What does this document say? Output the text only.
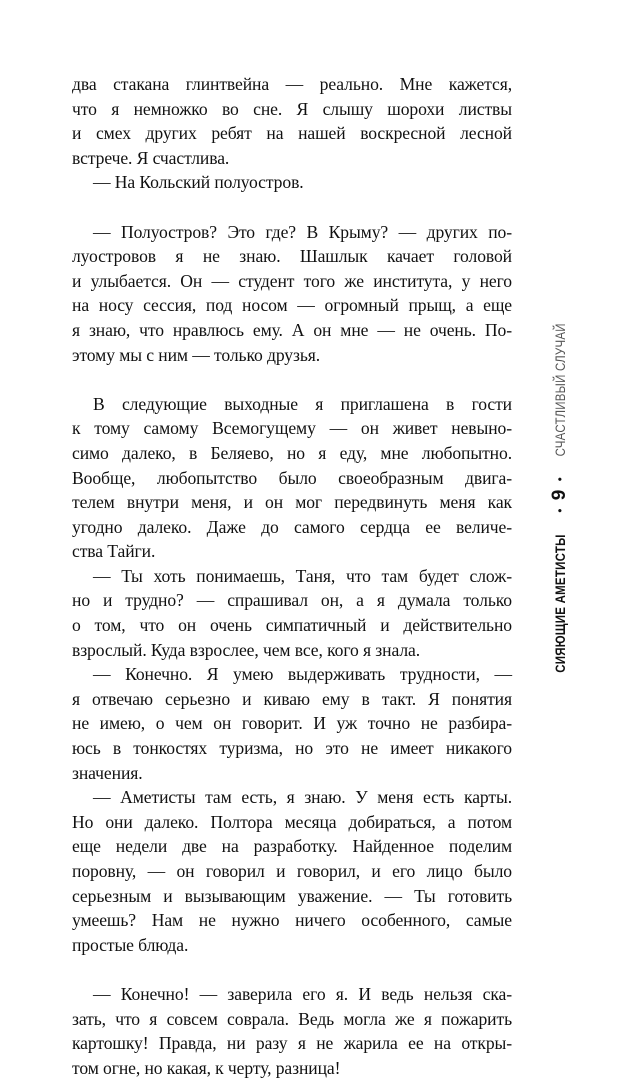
два стакана глинтвейна — реально. Мне кажется,
что я немножко во сне. Я слышу шорохи листвы
и смех других ребят на нашей воскресной лесной
встрече. Я счастлива.
— На Кольский полуостров.
— Полуостров? Это где? В Крыму? — других по-
луостровов я не знаю. Шашлык качает головой
и улыбается. Он — студент того же института, у него
на носу сессия, под носом — огромный прыщ, а еще
я знаю, что нравлюсь ему. А он мне — не очень. По-
этому мы с ним — только друзья.
В следующие выходные я приглашена в гости
к тому самому Всемогущему — он живет невыно-
симо далеко, в Беляево, но я еду, мне любопытно.
Вообще, любопытство было своеобразным двига-
телем внутри меня, и он мог передвинуть меня как
угодно далеко. Даже до самого сердца ее величе-
ства Тайги.
— Ты хоть понимаешь, Таня, что там будет слож-
но и трудно? — спрашивал он, а я думала только
о том, что он очень симпатичный и действительно
взрослый. Куда взрослее, чем все, кого я знала.
— Конечно. Я умею выдерживать трудности, —
я отвечаю серьезно и киваю ему в такт. Я понятия
не имею, о чем он говорит. И уж точно не разбира-
юсь в тонкостях туризма, но это не имеет никакого
значения.
— Аметисты там есть, я знаю. У меня есть карты.
Но они далеко. Полтора месяца добираться, а потом
еще недели две на разработку. Найденное поделим
поровну, — он говорил и говорил, и его лицо было
серьезным и вызывающим уважение. — Ты готовить
умеешь? Нам не нужно ничего особенного, самые
простые блюда.
— Конечно! — заверила его я. И ведь нельзя ска-
зать, что я совсем соврала. Ведь могла же я пожарить
картошку! Правда, ни разу я не жарила ее на откры-
том огне, но какая, к черту, разница!
СИЯЮЩИЕ АМЕТИСТЫ
•
9
•
СЧАСТЛИВЫЙ СЛУЧАЙ
